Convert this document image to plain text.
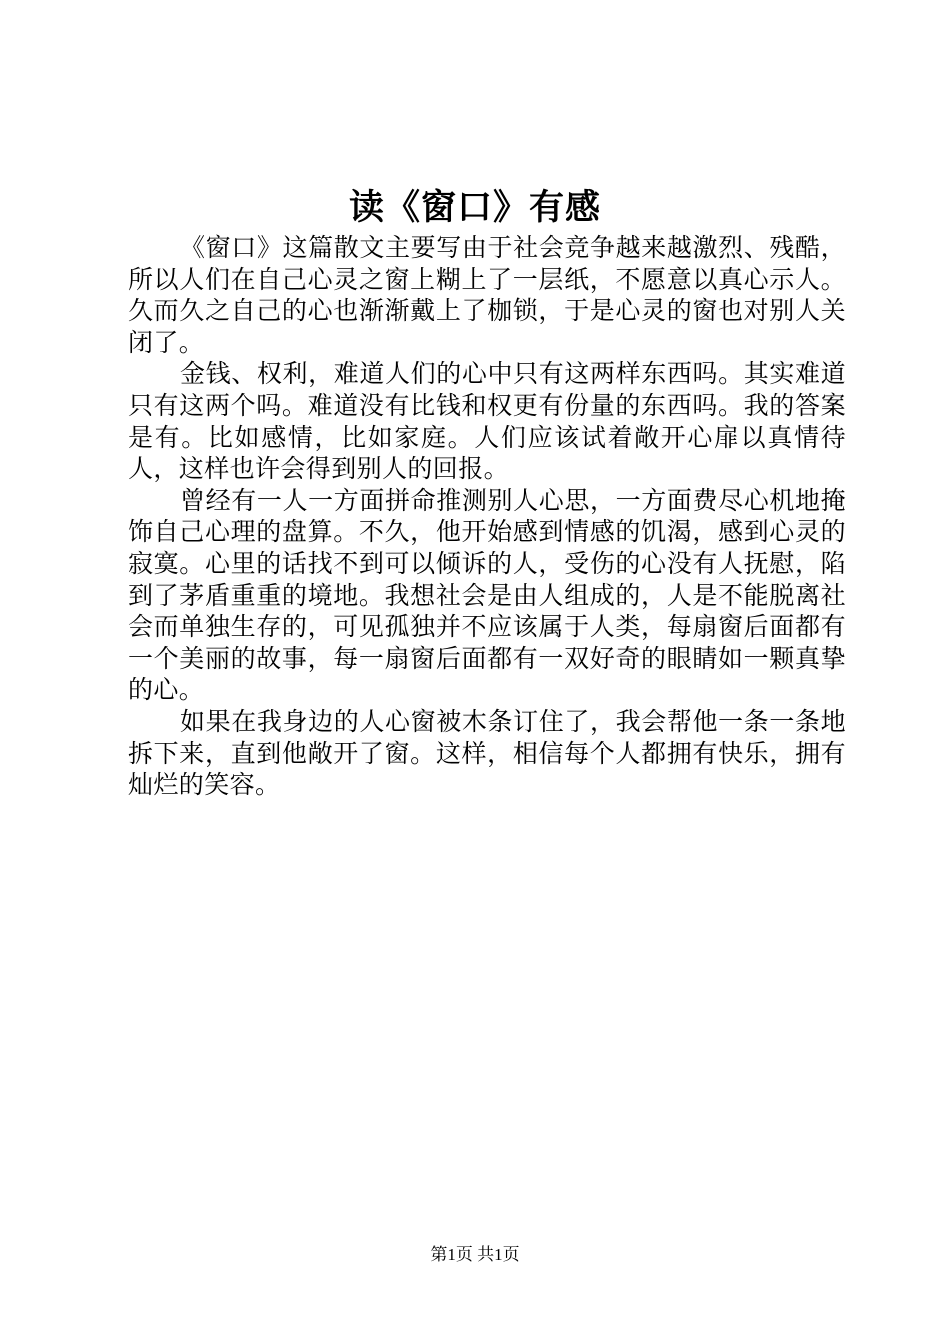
读《窗口》有感

《窗口》这篇散文主要写由于社会竞争越来越激烈、残酷，所以人们在自己心灵之窗上糊上了一层纸，不愿意以真心示人。久而久之自己的心也渐渐戴上了枷锁，于是心灵的窗也对别人关闭了。

金钱、权利，难道人们的心中只有这两样东西吗。其实难道只有这两个吗。难道没有比钱和权更有份量的东西吗。我的答案是有。比如感情，比如家庭。人们应该试着敞开心扉以真情待人，这样也许会得到别人的回报。

曾经有一人一方面拼命推测别人心思，一方面费尽心机地掩饰自己心理的盘算。不久，他开始感到情感的饥渴，感到心灵的寂寞。心里的话找不到可以倾诉的人，受伤的心没有人抚慰，陷到了茅盾重重的境地。我想社会是由人组成的，人是不能脱离社会而单独生存的，可见孤独并不应该属于人类，每扇窗后面都有一个美丽的故事，每一扇窗后面都有一双好奇的眼睛如一颗真挚的心。

如果在我身边的人心窗被木条订住了，我会帮他一条一条地拆下来，直到他敞开了窗。这样，相信每个人都拥有快乐，拥有灿烂的笑容。

第1页 共1页
